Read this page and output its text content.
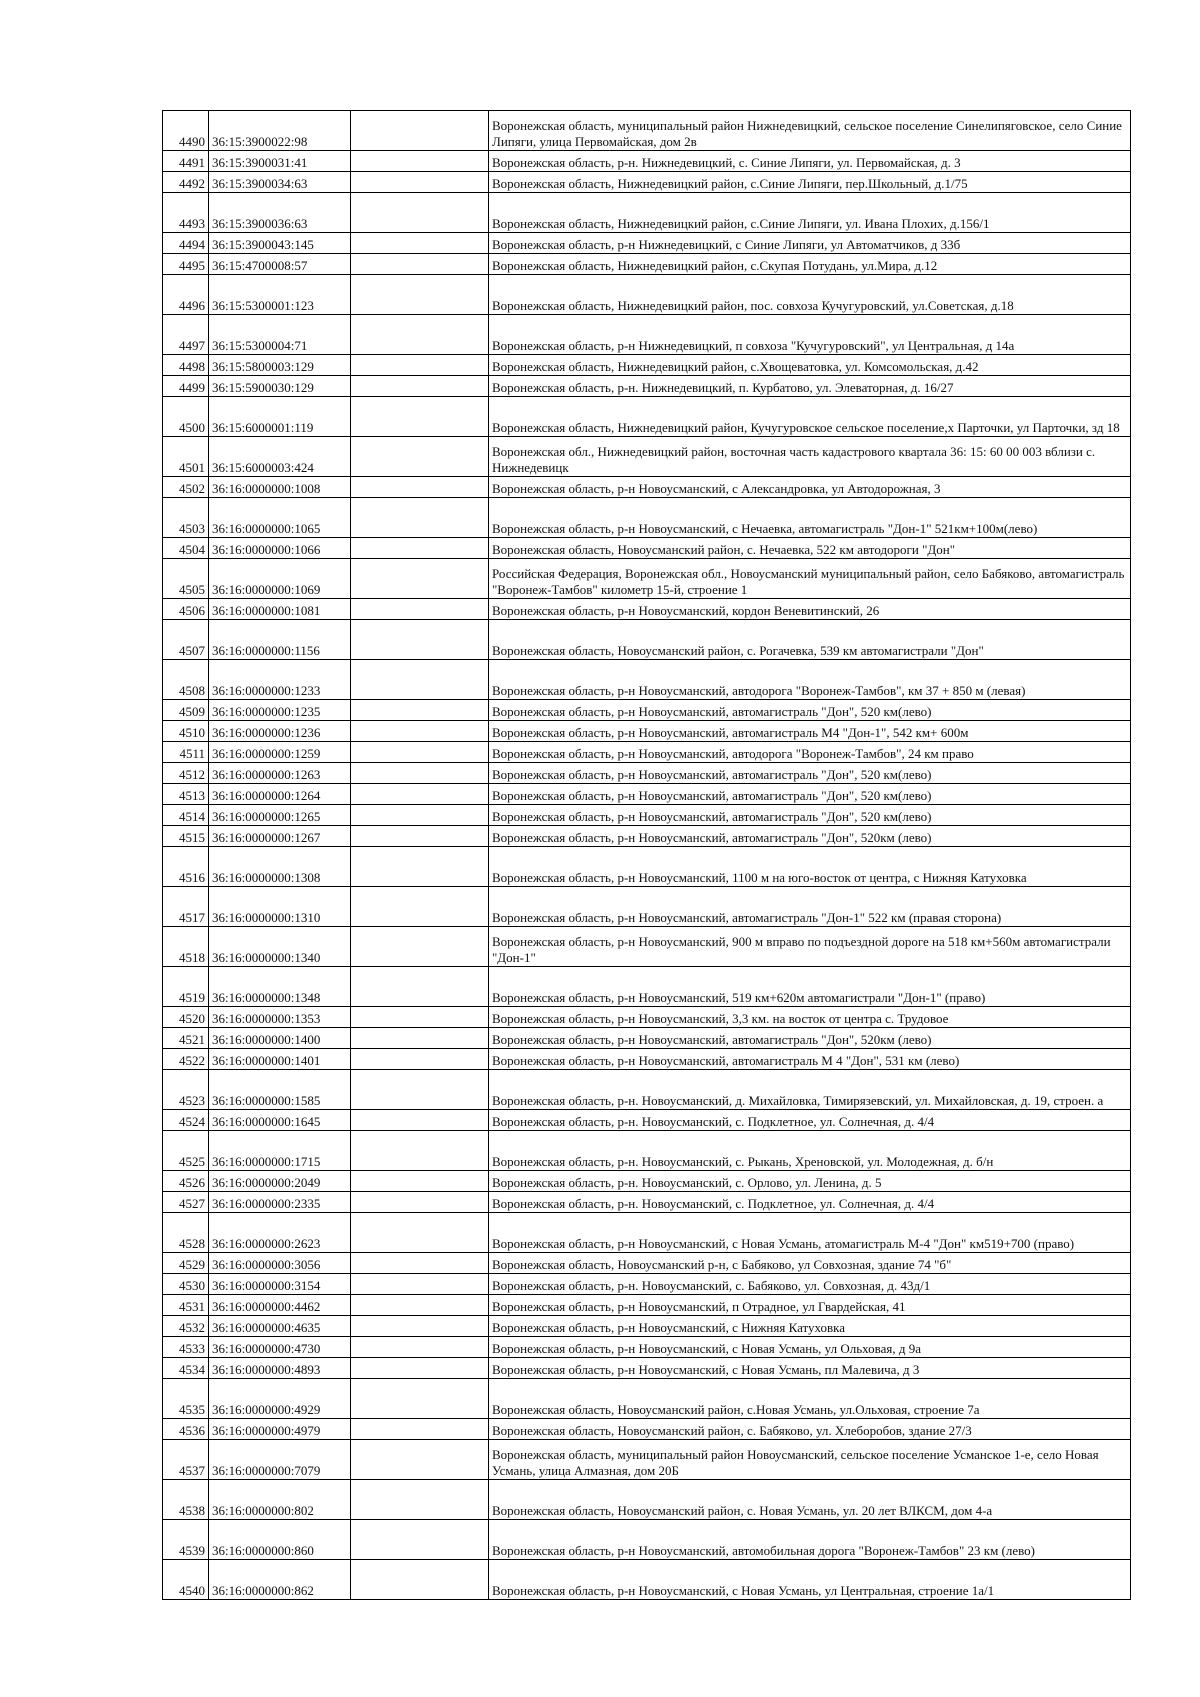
4490	36:15:3900022:98		Воронежская область, муниципальный район Нижнедевицкий, сельское поселение Синелипяговское, село Синие Липяги, улица Первомайская, дом 2в
4491	36:15:3900031:41		Воронежская область, р-н. Нижнедевицкий, с. Синие Липяги, ул. Первомайская, д. 3
4492	36:15:3900034:63		Воронежская область, Нижнедевицкий район, с.Синие Липяги, пер.Школьный, д.1/75
4493	36:15:3900036:63		Воронежская область, Нижнедевицкий район, с.Синие Липяги, ул. Ивана Плохих, д.156/1
4494	36:15:3900043:145		Воронежская область, р-н Нижнедевицкий, с Синие Липяги, ул Автоматчиков, д 33б
4495	36:15:4700008:57		Воронежская область, Нижнедевицкий район, с.Скупая Потудань, ул.Мира, д.12
4496	36:15:5300001:123		Воронежская область, Нижнедевицкий район, пос. совхоза Кучугуровский, ул.Советская, д.18
4497	36:15:5300004:71		Воронежская область, р-н Нижнедевицкий, п совхоза "Кучугуровский", ул Центральная, д 14а
4498	36:15:5800003:129		Воронежская область, Нижнедевицкий район, с.Хвощеватовка, ул. Комсомольская, д.42
4499	36:15:5900030:129		Воронежская область, р-н. Нижнедевицкий, п. Курбатово, ул. Элеваторная, д. 16/27
4500	36:15:6000001:119		Воронежская область, Нижнедевицкий район, Кучугуровское сельское поселение,х Парточки, ул Парточки, зд 18
4501	36:15:6000003:424		Воронежская обл., Нижнедевицкий район, восточная часть кадастрового квартала 36: 15: 60 00 003 вблизи с. Нижнедевицк
4502	36:16:0000000:1008		Воронежская область, р-н Новоусманский, с Александровка, ул Автодорожная, 3
4503	36:16:0000000:1065		Воронежская область, р-н Новоусманский, с Нечаевка, автомагистраль "Дон-1" 521км+100м(лево)
4504	36:16:0000000:1066		Воронежская область, Новоусманский район, с. Нечаевка, 522 км автодороги "Дон"
4505	36:16:0000000:1069		Российская Федерация, Воронежская обл., Новоусманский муниципальный район, село Бабяково, автомагистраль "Воронеж-Тамбов" километр 15-й, строение 1
4506	36:16:0000000:1081		Воронежская область, р-н Новоусманский, кордон Веневитинский, 26
4507	36:16:0000000:1156		Воронежская область, Новоусманский район, с. Рогачевка, 539 км автомагистрали "Дон"
4508	36:16:0000000:1233		Воронежская область, р-н Новоусманский, автодорога "Воронеж-Тамбов", км 37 + 850 м (левая)
4509	36:16:0000000:1235		Воронежская область, р-н Новоусманский, автомагистраль "Дон", 520 км(лево)
4510	36:16:0000000:1236		Воронежская область, р-н Новоусманский, автомагистраль М4 "Дон-1", 542 км+ 600м
4511	36:16:0000000:1259		Воронежская область, р-н Новоусманский, автодорога "Воронеж-Тамбов", 24 км право
4512	36:16:0000000:1263		Воронежская область, р-н Новоусманский, автомагистраль "Дон", 520 км(лево)
4513	36:16:0000000:1264		Воронежская область, р-н Новоусманский, автомагистраль "Дон", 520 км(лево)
4514	36:16:0000000:1265		Воронежская область, р-н Новоусманский, автомагистраль "Дон", 520 км(лево)
4515	36:16:0000000:1267		Воронежская область, р-н Новоусманский, автомагистраль "Дон", 520км (лево)
4516	36:16:0000000:1308		Воронежская область, р-н Новоусманский, 1100 м на юго-восток от центра, с Нижняя Катуховка
4517	36:16:0000000:1310		Воронежская область, р-н Новоусманский, автомагистраль "Дон-1" 522 км (правая сторона)
4518	36:16:0000000:1340		Воронежская область, р-н Новоусманский, 900 м вправо по подъездной дороге на 518 км+560м автомагистрали "Дон-1"
4519	36:16:0000000:1348		Воронежская область, р-н Новоусманский, 519 км+620м автомагистрали "Дон-1" (право)
4520	36:16:0000000:1353		Воронежская область, р-н Новоусманский, 3,3 км. на восток от центра с. Трудовое
4521	36:16:0000000:1400		Воронежская область, р-н Новоусманский, автомагистраль "Дон", 520км (лево)
4522	36:16:0000000:1401		Воронежская область, р-н Новоусманский, автомагистраль М 4 "Дон", 531 км (лево)
4523	36:16:0000000:1585		Воронежская область, р-н. Новоусманский, д. Михайловка, Тимирязевский, ул. Михайловская, д. 19, строен. а
4524	36:16:0000000:1645		Воронежская область, р-н. Новоусманский, с. Подклетное, ул. Солнечная, д. 4/4
4525	36:16:0000000:1715		Воронежская область, р-н. Новоусманский, с. Рыкань, Хреновской, ул. Молодежная, д. б/н
4526	36:16:0000000:2049		Воронежская область, р-н. Новоусманский, с. Орлово, ул. Ленина, д. 5
4527	36:16:0000000:2335		Воронежская область, р-н. Новоусманский, с. Подклетное, ул. Солнечная, д. 4/4
4528	36:16:0000000:2623		Воронежская область, р-н Новоусманский, с Новая Усмань, атомагистраль М-4 "Дон" км519+700 (право)
4529	36:16:0000000:3056		Воронежская область, Новоусманский р-н, с Бабяково, ул Совхозная, здание 74 "б"
4530	36:16:0000000:3154		Воронежская область, р-н. Новоусманский, с. Бабяково, ул. Совхозная, д. 43д/1
4531	36:16:0000000:4462		Воронежская область, р-н Новоусманский, п Отрадное, ул Гвардейская, 41
4532	36:16:0000000:4635		Воронежская область, р-н Новоусманский, с Нижняя Катуховка
4533	36:16:0000000:4730		Воронежская область, р-н Новоусманский, с Новая Усмань, ул Ольховая, д 9а
4534	36:16:0000000:4893		Воронежская область, р-н Новоусманский, с Новая Усмань, пл Малевича, д 3
4535	36:16:0000000:4929		Воронежская область, Новоусманский район, с.Новая Усмань, ул.Ольховая, строение 7а
4536	36:16:0000000:4979		Воронежская область, Новоусманский район, с. Бабяково, ул. Хлеборобов, здание 27/3
4537	36:16:0000000:7079		Воронежская область, муниципальный район Новоусманский, сельское поселение Усманское 1-е, село Новая Усмань, улица Алмазная, дом 20Б
4538	36:16:0000000:802		Воронежская область, Новоусманский район, с. Новая Усмань, ул. 20 лет ВЛКСМ, дом 4-а
4539	36:16:0000000:860		Воронежская область, р-н Новоусманский, автомобильная дорога "Воронеж-Тамбов" 23 км (лево)
4540	36:16:0000000:862		Воронежская область, р-н Новоусманский, с Новая Усмань, ул Центральная, строение 1а/1
